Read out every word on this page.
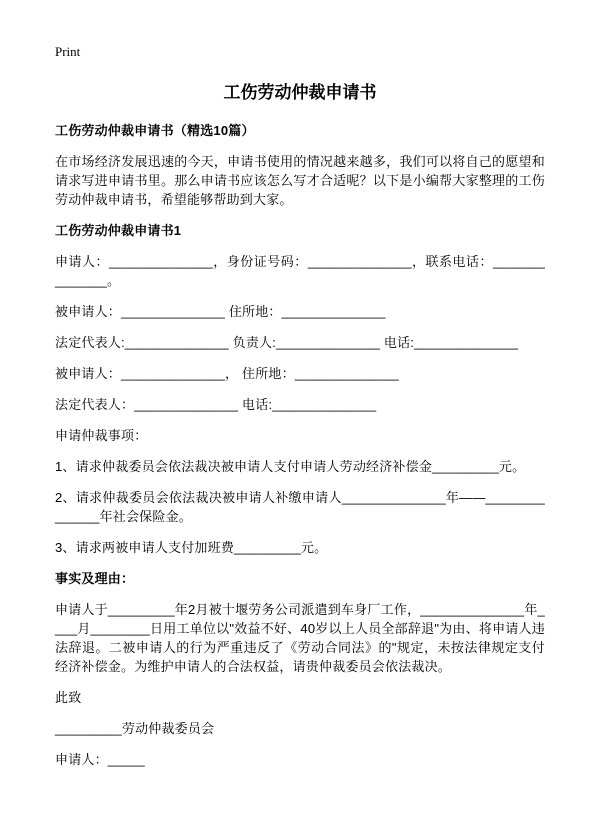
Print
工伤劳动仲裁申请书
工伤劳动仲裁申请书（精选10篇）
在市场经济发展迅速的今天，申请书使用的情况越来越多，我们可以将自己的愿望和请求写进申请书里。那么申请书应该怎么写才合适呢？以下是小编帮大家整理的工伤劳动仲裁申请书，希望能够帮助到大家。
工伤劳动仲裁申请书1
申请人：______________，身份证号码：______________，联系电话：______________。
被申请人：______________ 住所地：______________
法定代表人:______________ 负责人:______________ 电话:______________
被申请人：______________， 住所地：______________
法定代表人：______________ 电话:______________
申请仲裁事项：
1、请求仲裁委员会依法裁决被申请人支付申请人劳动经济补偿金_________元。
2、请求仲裁委员会依法裁决被申请人补缴申请人______________年——______________年社会保险金。
3、请求两被申请人支付加班费_________元。
事实及理由：
申请人于_________年2月被十堰劳务公司派遣到车身厂工作，______________年____月________日用工单位以"效益不好、40岁以上人员全部辞退"为由、将申请人违法辞退。二被申请人的行为严重违反了《劳动合同法》的"规定，未按法律规定支付经济补偿金。为维护申请人的合法权益，请贵仲裁委员会依法裁决。
此致
_________劳动仲裁委员会
申请人：_____
